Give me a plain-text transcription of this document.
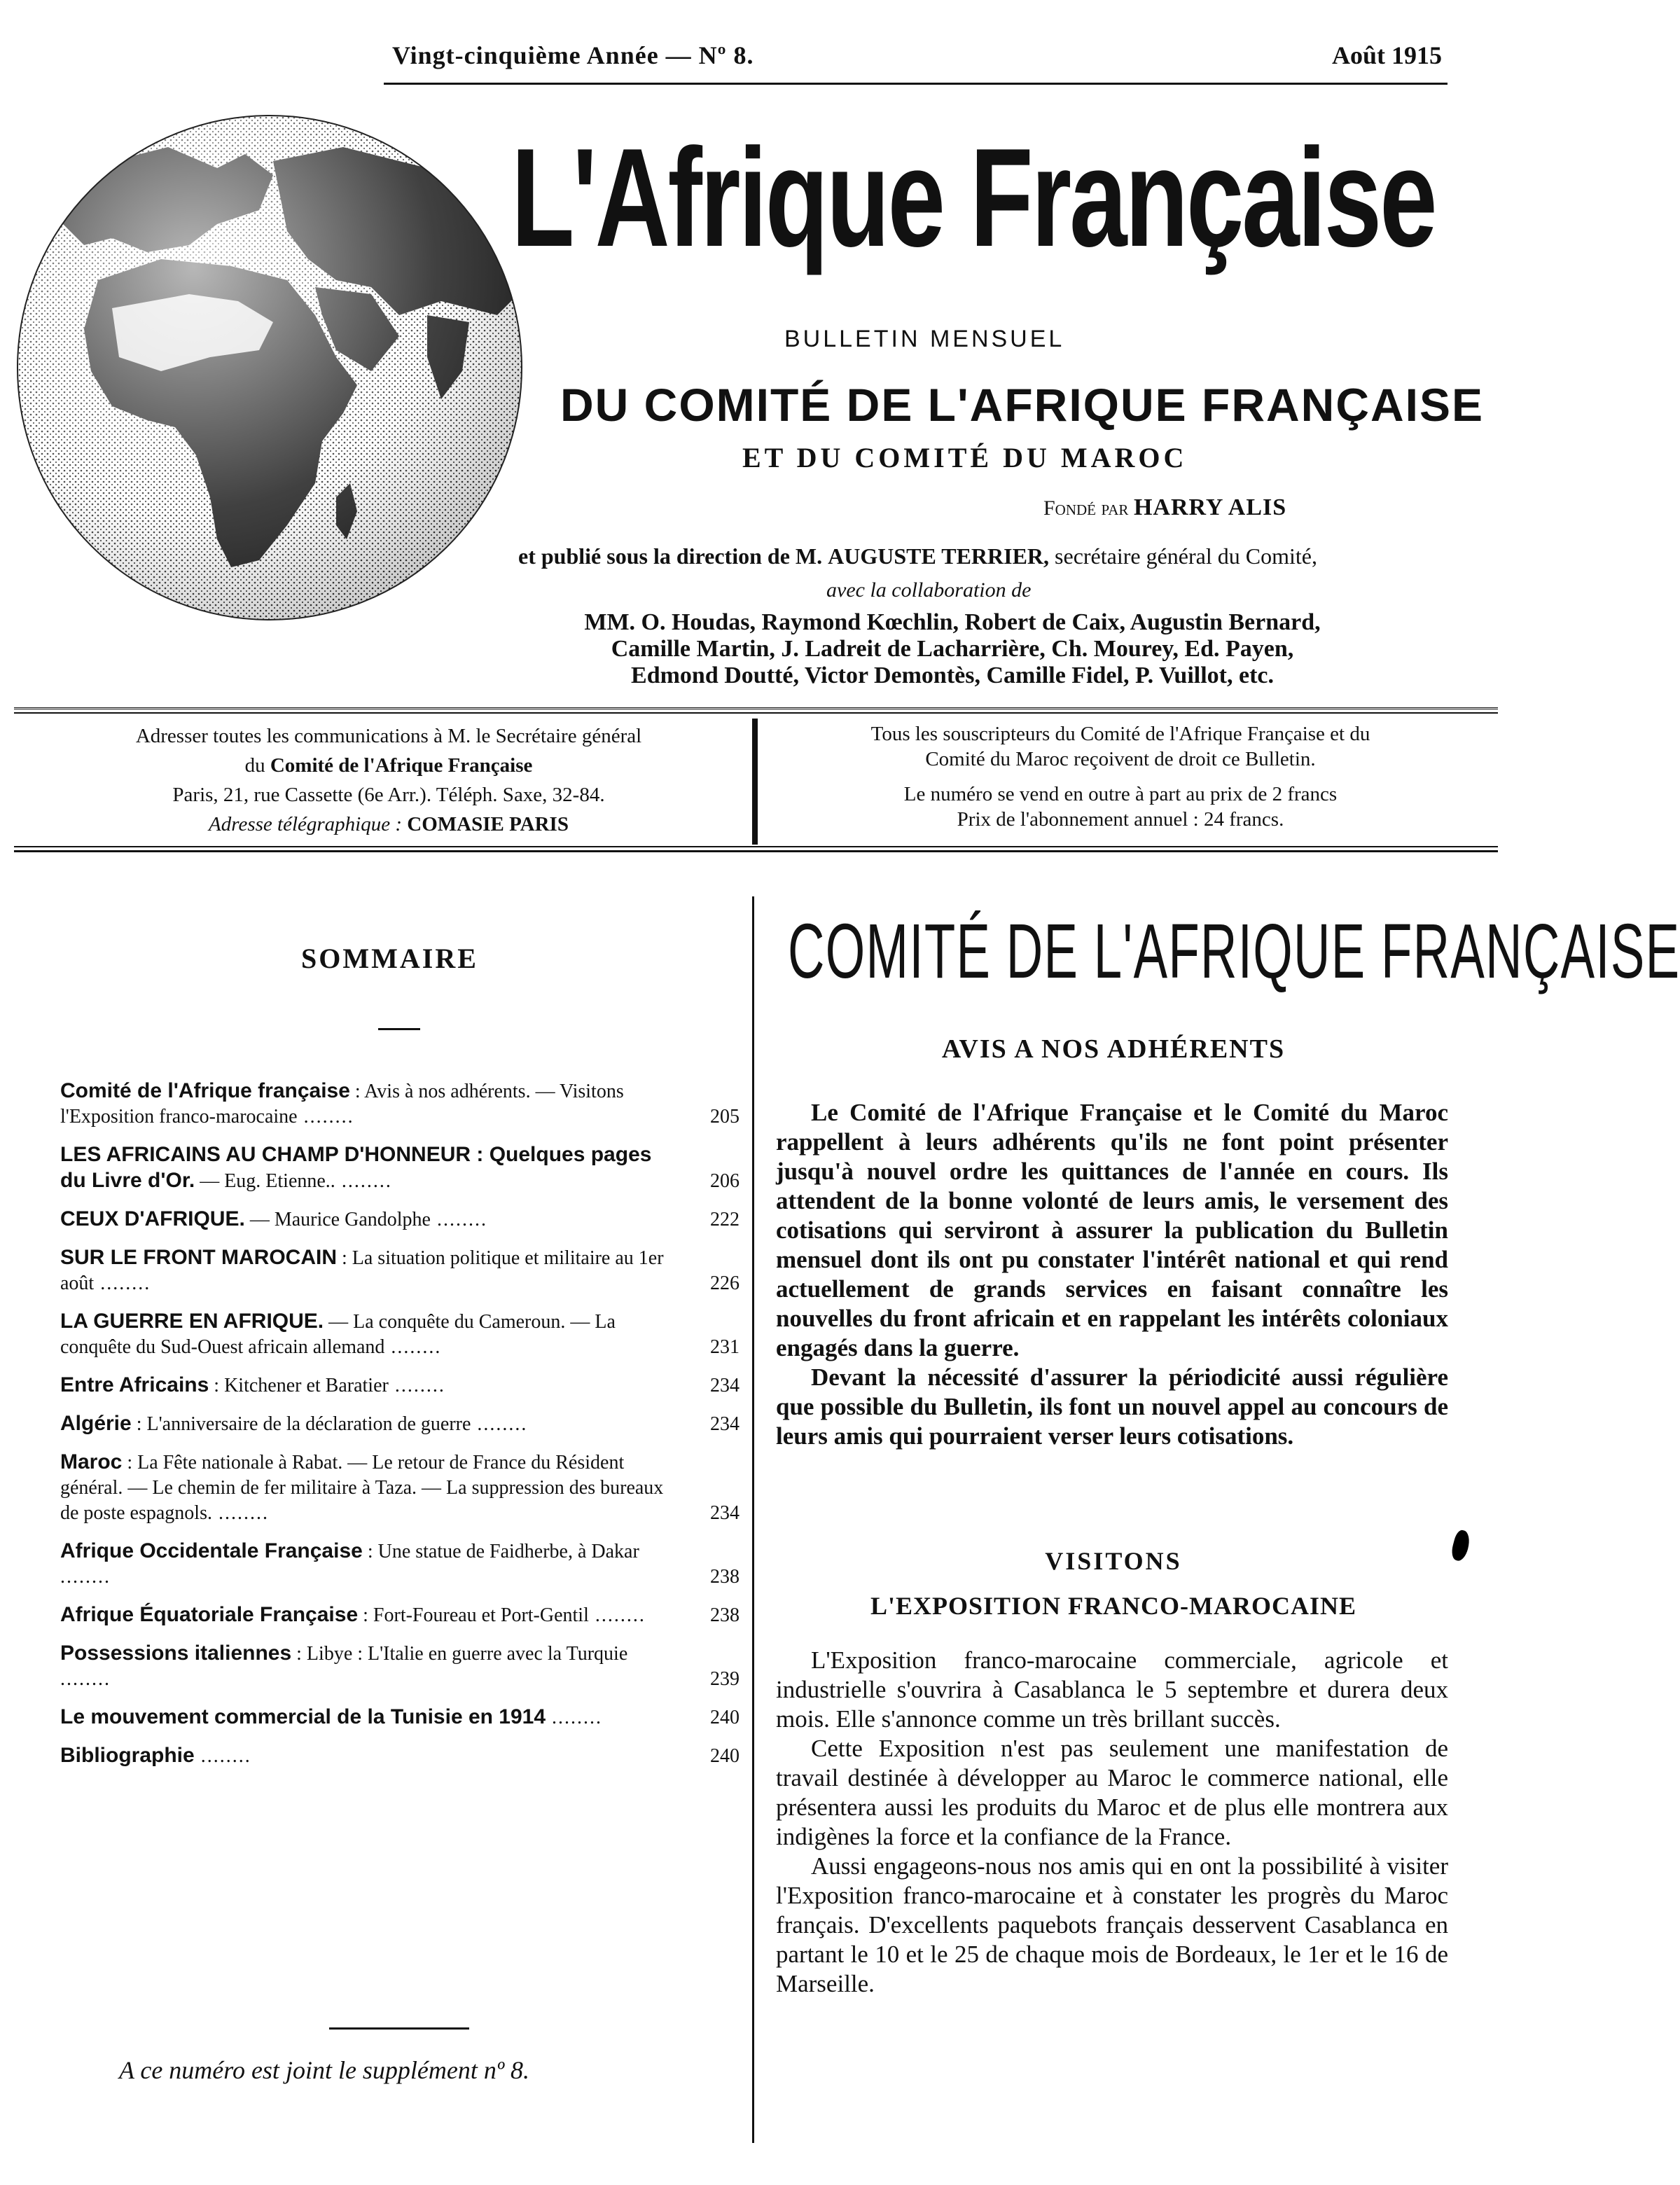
Vingt-cinquième Année — Nº 8.	Août 1915
L'Afrique Française
BULLETIN MENSUEL
DU COMITÉ DE L'AFRIQUE FRANÇAISE
ET DU COMITÉ DU MAROC
Fondé par HARRY ALIS
et publié sous la direction de M. AUGUSTE TERRIER, secrétaire général du Comité,
avec la collaboration de
MM. O. Houdas, Raymond Kœchlin, Robert de Caix, Augustin Bernard,
Camille Martin, J. Ladreit de Lacharrière, Ch. Mourey, Ed. Payen,
Edmond Doutté, Victor Demontès, Camille Fidel, P. Vuillot, etc.
Adresser toutes les communications à M. le Secrétaire général
du Comité de l'Afrique Française
Paris, 21, rue Cassette (6e Arr.). Téléph. Saxe, 32-84.
Adresse télégraphique : COMASIE PARIS
Tous les souscripteurs du Comité de l'Afrique Française et du
Comité du Maroc reçoivent de droit ce Bulletin.
Le numéro se vend en outre à part au prix de 2 francs
Prix de l'abonnement annuel : 24 francs.
SOMMAIRE
Comité de l'Afrique française : Avis à nos adhérents. — Visitons l'Exposition franco-marocaine ........	205
LES AFRICAINS AU CHAMP D'HONNEUR : Quelques pages du Livre d'Or. — Eug. Etienne.. ........	206
CEUX D'AFRIQUE. — Maurice Gandolphe ........	222
SUR LE FRONT MAROCAIN : La situation politique et militaire au 1er août ........	226
LA GUERRE EN AFRIQUE. — La conquête du Cameroun. — La conquête du Sud-Ouest africain allemand ........	231
Entre Africains : Kitchener et Baratier ........	234
Algérie : L'anniversaire de la déclaration de guerre ........	234
Maroc : La Fête nationale à Rabat. — Le retour de France du Résident général. — Le chemin de fer militaire à Taza. — La suppression des bureaux de poste espagnols. ........	234
Afrique Occidentale Française : Une statue de Faidherbe, à Dakar ........	238
Afrique Équatoriale Française : Fort-Foureau et Port-Gentil ........	238
Possessions italiennes : Libye : L'Italie en guerre avec la Turquie ........	239
Le mouvement commercial de la Tunisie en 1914 ........	240
Bibliographie ........	240
A ce numéro est joint le supplément nº 8.
COMITÉ DE L'AFRIQUE FRANÇAISE
AVIS A NOS ADHÉRENTS

Le Comité de l'Afrique Française et le Comité du Maroc rappellent à leurs adhérents qu'ils ne font point présenter jusqu'à nouvel ordre les quittances de l'année en cours. Ils attendent de la bonne volonté de leurs amis, le versement des cotisations qui serviront à assurer la publication du Bulletin mensuel dont ils ont pu constater l'intérêt national et qui rend actuellement de grands services en faisant connaître les nouvelles du front africain et en rappelant les intérêts coloniaux engagés dans la guerre.

Devant la nécessité d'assurer la périodicité aussi régulière que possible du Bulletin, ils font un nouvel appel au concours de leurs amis qui pourraient verser leurs cotisations.

VISITONS
L'EXPOSITION FRANCO-MAROCAINE

L'Exposition franco-marocaine commerciale, agricole et industrielle s'ouvrira à Casablanca le 5 septembre et durera deux mois. Elle s'annonce comme un très brillant succès.

Cette Exposition n'est pas seulement une manifestation de travail destinée à développer au Maroc le commerce national, elle présentera aussi les produits du Maroc et de plus elle montrera aux indigènes la force et la confiance de la France.

Aussi engageons-nous nos amis qui en ont la possibilité à visiter l'Exposition franco-marocaine et à constater les progrès du Maroc français. D'excellents paquebots français desservent Casablanca en partant le 10 et le 25 de chaque mois de Bordeaux, le 1er et le 16 de Marseille.
